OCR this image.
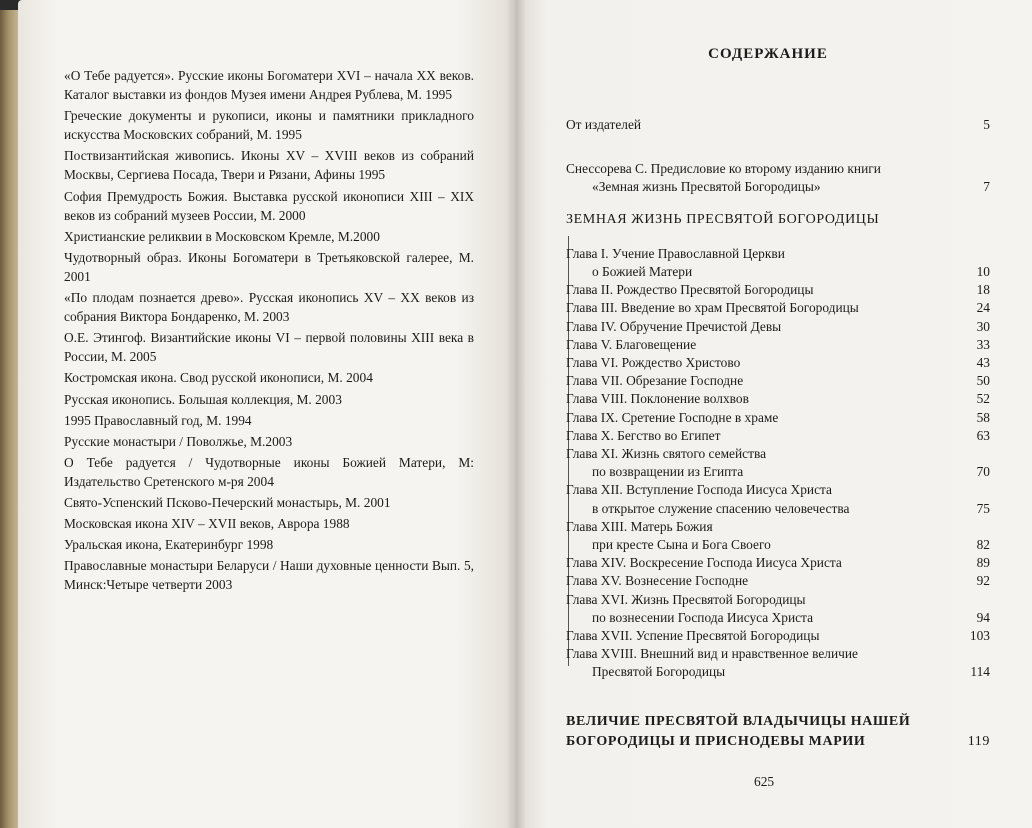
«О Тебе радуется». Русские иконы Богоматери XVI – начала XX веков. Каталог выставки из фондов Музея имени Андрея Рублева, М. 1995

Греческие документы и рукописи, иконы и памятники прикладного искусства Московских собраний, М. 1995

Поствизантийская живопись. Иконы XV – XVIII веков из собраний Москвы, Сергиева Посада, Твери и Рязани, Афины 1995

София Премудрость Божия. Выставка русской иконописи XIII – XIX веков из собраний музеев России, М. 2000

Христианские реликвии в Московском Кремле, М.2000

Чудотворный образ. Иконы Богоматери в Третьяковской галерее, М. 2001

«По плодам познается древо». Русская иконопись XV – XX веков из собрания Виктора Бондаренко, М. 2003

О.Е. Этингоф. Византийские иконы VI – первой половины XIII века в России, М. 2005

Костромская икона. Свод русской иконописи, М. 2004

Русская иконопись. Большая коллекция, М. 2003

1995 Православный год, М. 1994

Русские монастыри / Поволжье, М.2003

О Тебе радуется / Чудотворные иконы Божией Матери, М: Издательство Сретенского м-ря 2004

Свято-Успенский Псково-Печерский монастырь, М. 2001

Московская икона XIV – XVII веков, Аврора 1988

Уральская икона, Екатеринбург 1998

Православные монастыри Беларуси / Наши духовные ценности Вып. 5, Минск:Четыре четверти 2003

СОДЕРЖАНИЕ
От издателей	5
Снессорева С. Предисловие ко второму изданию книги
«Земная жизнь Пресвятой Богородицы»	7
ЗЕМНАЯ ЖИЗНЬ ПРЕСВЯТОЙ БОГОРОДИЦЫ
Глава I. Учение Православной Церкви
о Божией Матери	10
Глава II. Рождество Пресвятой Богородицы	18
Глава III. Введение во храм Пресвятой Богородицы	24
Глава IV. Обручение Пречистой Девы	30
Глава V. Благовещение	33
Глава VI. Рождество Христово	43
Глава VII. Обрезание Господне	50
Глава VIII. Поклонение волхвов	52
Глава IX. Сретение Господне в храме	58
Глава X. Бегство во Египет	63
Глава XI. Жизнь святого семейства
по возвращении из Египта	70
Глава XII. Вступление Господа Иисуса Христа
в открытое служение спасению человечества	75
Глава XIII. Матерь Божия
при кресте Сына и Бога Своего	82
Глава XIV. Воскресение Господа Иисуса Христа	89
Глава XV. Вознесение Господне	92
Глава XVI. Жизнь Пресвятой Богородицы
по вознесении Господа Иисуса Христа	94
Глава XVII. Успение Пресвятой Богородицы	103
Глава XVIII. Внешний вид и нравственное величие
Пресвятой Богородицы	114
ВЕЛИЧИЕ ПРЕСВЯТОЙ ВЛАДЫЧИЦЫ НАШЕЙ
БОГОРОДИЦЫ И ПРИСНОДЕВЫ МАРИИ	119
625
